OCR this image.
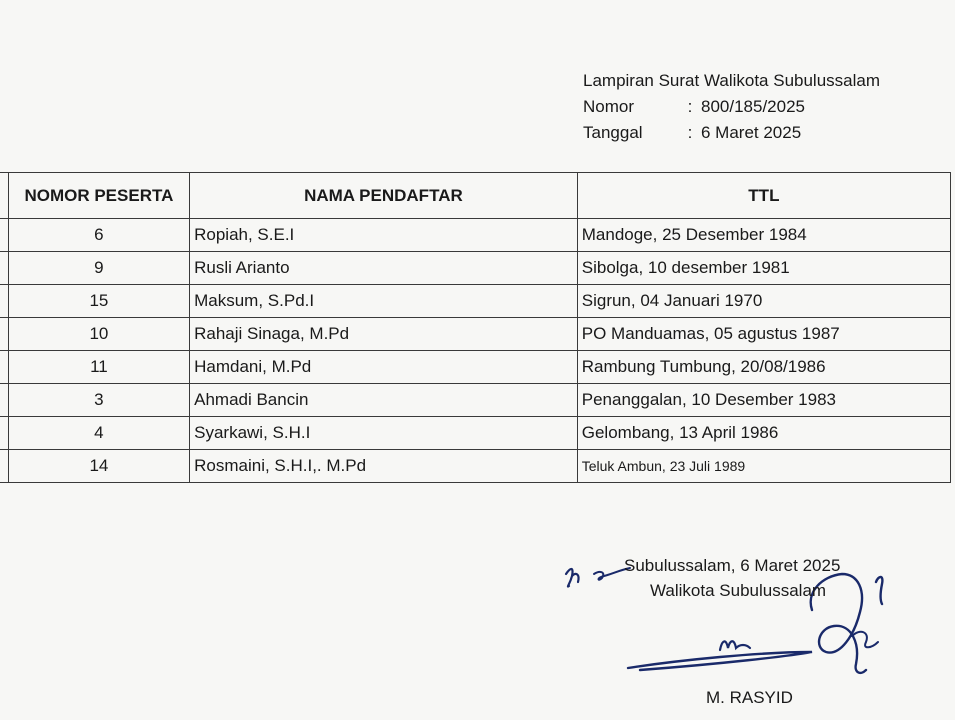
Lampiran Surat Walikota Subulussalam
Nomor	: 800/185/2025
Tanggal	: 6 Maret 2025
	NOMOR PESERTA	NAMA PENDAFTAR	TTL
	6	Ropiah, S.E.I	Mandoge, 25 Desember 1984
	9	Rusli Arianto	Sibolga, 10 desember 1981
	15	Maksum, S.Pd.I	Sigrun, 04 Januari 1970
	10	Rahaji Sinaga, M.Pd	PO Manduamas, 05 agustus 1987
	11	Hamdani, M.Pd	Rambung Tumbung, 20/08/1986
	3	Ahmadi Bancin	Penanggalan, 10 Desember 1983
	4	Syarkawi, S.H.I	Gelombang, 13 April 1986
	14	Rosmaini, S.H.I,. M.Pd	Teluk Ambun, 23 Juli 1989
Subulussalam, 6 Maret 2025
Walikota Subulussalam
M. RASYID
